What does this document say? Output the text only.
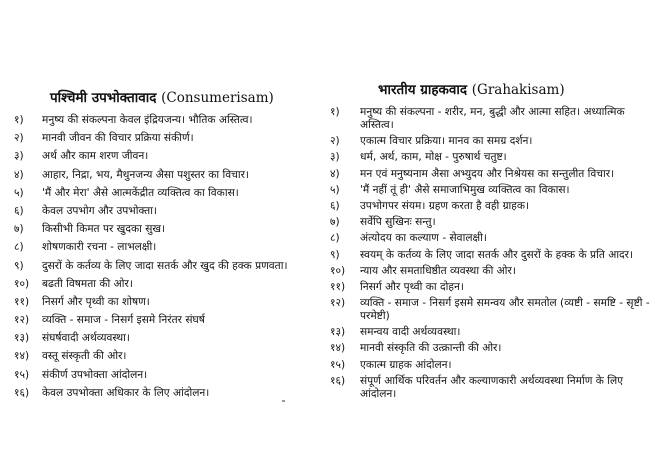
पश्चिमी उपभोक्तावाद (Consumerisam)
१)	मनुष्य की संकल्पना केवल इंद्रियजन्य। भौतिक अस्तित्व।
२)	मानवी जीवन की विचार प्रक्रिया संकीर्ण।
३)	अर्थ और काम शरण जीवन।
४)	आहार, निद्रा, भय, मैथुनजन्य अैसा पशुस्तर का विचार।
५)	'मैं और मेरा' अैसे आत्मकेंद्रीत व्यक्तित्व का विकास।
६)	केवल उपभोग और उपभोक्ता।
७)	किसीभी किमत पर खुदका सुख।
८)	शोषणकारी रचना - लाभलक्षी।
९)	दुसरों के कर्तव्य के लिए जादा सतर्क और खुद की हक्क प्रणवता।
१०)	बढती विषमता की ओर।
११)	निसर्ग और पृथ्वी का शोषण।
१२)	व्यक्ति - समाज - निसर्ग इसमे निरंतर संघर्ष
१३)	संघर्षवादी अर्थव्यवस्था।
१४)	वस्तू संस्कृती की ओर।
१५)	संकीर्ण उपभोक्ता आंदोलन।
१६)	केवल उपभोक्ता अधिकार के लिए आंदोलन।
भारतीय ग्राहकवाद (Grahakisam)
१)	मनुष्य की संकल्पना - शरीर, मन, बुद्धी और आत्मा सहित। अध्यात्मिक अस्तित्व।
२)	एकात्म विचार प्रक्रिया। मानव का समग्र दर्शन।
३)	धर्म, अर्थ, काम, मोक्ष - पुरुषार्थ चतुष्ट।
४)	मन एवं मनुष्यनाम अैसा अभ्युदय और निश्रेयस का सन्तुलीत विचार।
५)	'मैं नहीं तूं ही' अैसे समाजाभिमुख व्यक्तित्व का विकास।
६)	उपभोगपर संयम। ग्रहण करता है वही ग्राहक।
७)	सर्वेपि सुखिनः सन्तु।
८)	अंत्योदय का कल्याण - सेवालक्षी।
९)	स्वयम् के कर्तव्य के लिए जादा सतर्क और दुसरों के हक्क के प्रति आदर।
१०)	न्याय और समताधिष्ठीत व्यवस्था की ओर।
११)	निसर्ग और पृथ्वी का दोहन।
१२)	व्यक्ति - समाज - निसर्ग इसमे समन्वय और समतोल (व्यष्टी - समष्टि - सृष्टी - परमेष्टी)
१३)	समन्वय वादी अर्थव्यवस्था।
१४)	मानवी संस्कृति की उत्क्रान्ती की ओर।
१५)	एकात्म ग्राहक आंदोलन।
१६)	संपूर्ण आर्थिक परिवर्तन और कल्याणकारी अर्थव्यवस्था निर्माण के लिए आंदोलन।
